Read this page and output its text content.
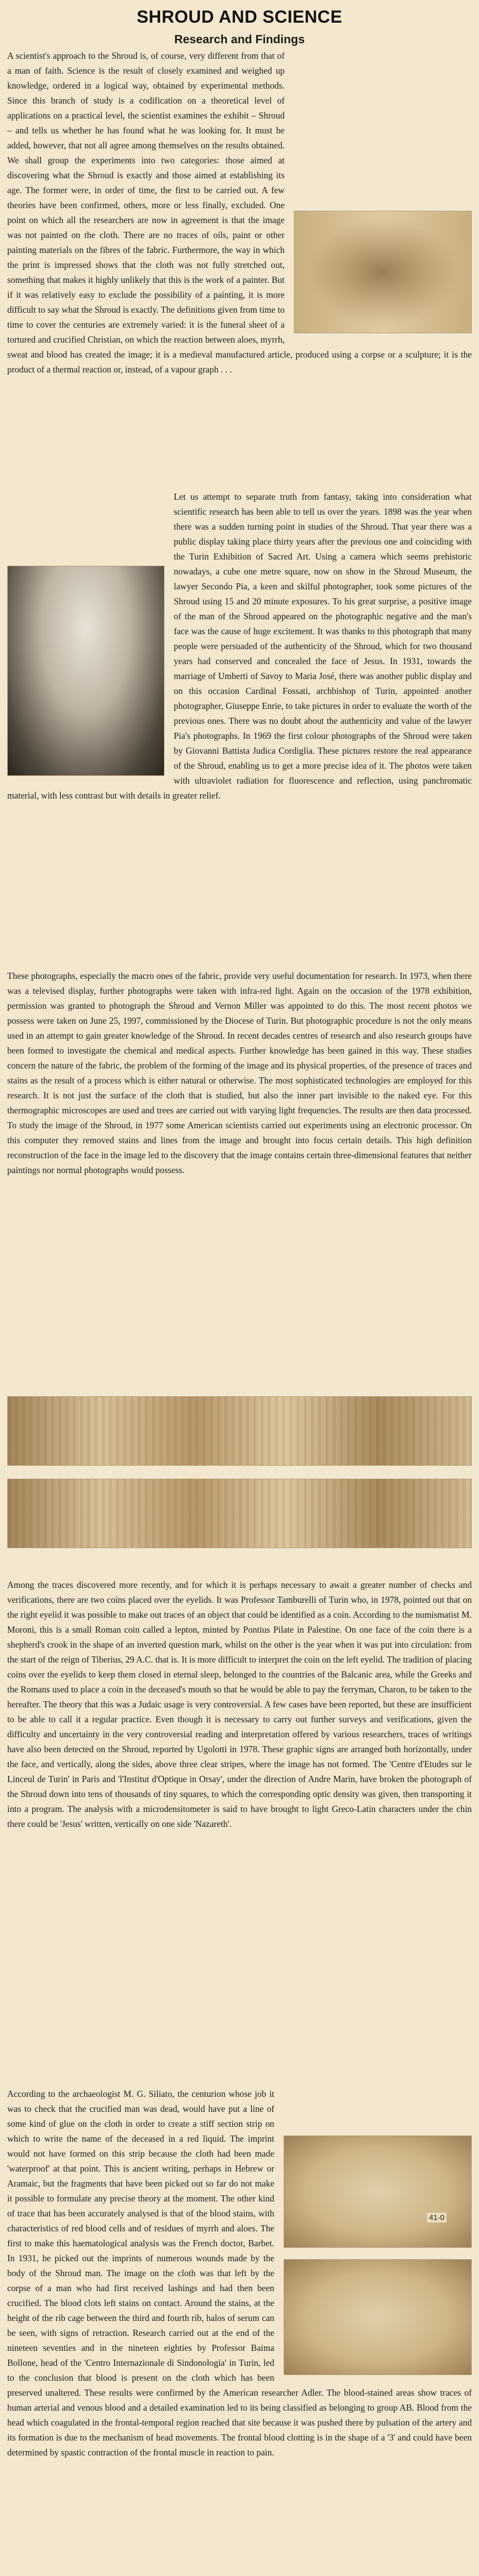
SHROUD AND SCIENCE
Research and Findings

A scientist's approach to the Shroud is, of course, very different from that of a man of faith. Science is the result of closely examined and weighed up knowledge, ordered in a logical way, obtained by experimental methods. Since this branch of study is a codification on a theoretical level of applications on a practical level, the scientist examines the exhibit – Shroud – and tells us whether he has found what he was looking for. It must be added, however, that not all agree among themselves on the results obtained. We shall group the experiments into two categories: those aimed at discovering what the Shroud is exactly and those aimed at establishing its age. The former were, in order of time, the first to be carried out. A few theories have been confirmed, others, more or less finally, excluded. One point on which all the researchers are now in agreement is that the image was not painted on the cloth. There are no traces of oils, paint or other painting materials on the fibres of the fabric. Furthermore, the way in which the print is impressed shows that the cloth was not fully stretched out, something that makes it highly unlikely that this is the work of a painter. But if it was relatively easy to exclude the possibility of a painting, it is more difficult to say what the Shroud is exactly. The definitions given from time to time to cover the centuries are extremely varied: it is the funeral sheet of a tortured and crucified Christian, on which the reaction between aloes, myrrh, sweat and blood has created the image; it is a medieval manufactured article, produced using a corpse or a sculpture; it is the product of a thermal reaction or, instead, of a vapour graph . . .

Let us attempt to separate truth from fantasy, taking into consideration what scientific research has been able to tell us over the years. 1898 was the year when there was a sudden turning point in studies of the Shroud. That year there was a public display taking place thirty years after the previous one and coinciding with the Turin Exhibition of Sacred Art. Using a camera which seems prehistoric nowadays, a cube one metre square, now on show in the Shroud Museum, the lawyer Secondo Pia, a keen and skilful photographer, took some pictures of the Shroud using 15 and 20 minute exposures. To his great surprise, a positive image of the man of the Shroud appeared on the photographic negative and the man's face was the cause of huge excitement. It was thanks to this photograph that many people were persuaded of the authenticity of the Shroud, which for two thousand years had conserved and concealed the face of Jesus. In 1931, towards the marriage of Umberti of Savoy to Maria José, there was another public display and on this occasion Cardinal Fossati, archbishop of Turin, appointed another photographer, Giuseppe Enrie, to take pictures in order to evaluate the worth of the previous ones. There was no doubt about the authenticity and value of the lawyer Pia's photographs. In 1969 the first colour photographs of the Shroud were taken by Giovanni Battista Judica Cordiglia. These pictures restore the real appearance of the Shroud, enabling us to get a more precise idea of it. The photos were taken with ultraviolet radiation for fluorescence and reflection, using panchromatic material, with less contrast but with details in greater relief.

These photographs, especially the macro ones of the fabric, provide very useful documentation for research. In 1973, when there was a televised display, further photographs were taken with infra-red light. Again on the occasion of the 1978 exhibition, permission was granted to photograph the Shroud and Vernon Miller was appointed to do this. The most recent photos we possess were taken on June 25, 1997, commissioned by the Diocese of Turin. But photographic procedure is not the only means used in an attempt to gain greater knowledge of the Shroud. In recent decades centres of research and also research groups have been formed to investigate the chemical and medical aspects. Further knowledge has been gained in this way. These studies concern the nature of the fabric, the problem of the forming of the image and its physical properties, of the presence of traces and stains as the result of a process which is either natural or otherwise. The most sophisticated technologies are employed for this research. It is not just the surface of the cloth that is studied, but also the inner part invisible to the naked eye. For this thermographic microscopes are used and trees are carried out with varying light frequencies. The results are then data processed. To study the image of the Shroud, in 1977 some American scientists carried out experiments using an electronic processor. On this computer they removed stains and lines from the image and brought into focus certain details. This high definition reconstruction of the face in the image led to the discovery that the image contains certain three-dimensional features that neither paintings nor normal photographs would possess.

Among the traces discovered more recently, and for which it is perhaps necessary to await a greater number of checks and verifications, there are two coins placed over the eyelids. It was Professor Tamburelli of Turin who, in 1978, pointed out that on the right eyelid it was possible to make out traces of an object that could be identified as a coin. According to the numismatist M. Moroni, this is a small Roman coin called a lepton, minted by Pontius Pilate in Palestine. On one face of the coin there is a shepherd's crook in the shape of an inverted question mark, whilst on the other is the year when it was put into circulation: from the start of the reign of Tiberius, 29 A.C. that is. It is more difficult to interpret the coin on the left eyelid. The tradition of placing coins over the eyelids to keep them closed in eternal sleep, belonged to the countries of the Balcanic area, while the Greeks and the Romans used to place a coin in the deceased's mouth so that he would be able to pay the ferryman, Charon, to be taken to the hereafter. The theory that this was a Judaic usage is very controversial. A few cases have been reported, but these are insufficient to be able to call it a regular practice. Even though it is necessary to carry out further surveys and verifications, given the difficulty and uncertainty in the very controversial reading and interpretation offered by various researchers, traces of writings have also been detected on the Shroud, reported by Ugolotti in 1978. These graphic signs are arranged both horizontally, under the face, and vertically, along the sides, above three clear stripes, where the image has not formed. The 'Centre d'Etudes sur le Linceul de Turin' in Paris and 'l'Institut d'Optique in Orsay', under the direction of Andre Marin, have broken the photograph of the Shroud down into tens of thousands of tiny squares, to which the corresponding optic density was given, then transporting it into a program. The analysis with a microdensitometer is said to have brought to light Greco-Latin characters under the chin there could be 'Jesus' written, vertically on one side 'Nazareth'.

41-0

According to the archaeologist M. G. Siliato, the centurion whose job it was to check that the crucified man was dead, would have put a line of some kind of glue on the cloth in order to create a stiff section strip on which to write the name of the deceased in a red liquid. The imprint would not have formed on this strip because the cloth had been made 'waterproof' at that point. This is ancient writing, perhaps in Hebrew or Aramaic, but the fragments that have been picked out so far do not make it possible to formulate any precise theory at the moment. The other kind of trace that has been accurately analysed is that of the blood stains, with characteristics of red blood cells and of residues of myrrh and aloes. The first to make this haematological analysis was the French doctor, Barbet. In 1931, he picked out the imprints of numerous wounds made by the body of the Shroud man. The image on the cloth was that left by the corpse of a man who had first received lashings and had then been crucified. The blood clots left stains on contact. Around the stains, at the height of the rib cage between the third and fourth rib, halos of serum can be seen, with signs of retraction. Research carried out at the end of the nineteen seventies and in the nineteen eighties by Professor Baima Bollone, head of the 'Centro Internazionale di Sindonologia' in Turin, led to the conclusion that blood is present on the cloth which has been preserved unaltered. These results were confirmed by the American researcher Adler. The blood-stained areas show traces of human arterial and venous blood and a detailed examination led to its being classified as belonging to group AB. Blood from the head which coagulated in the frontal-temporal region reached that site because it was pushed there by pulsation of the artery and its formation is due to the mechanism of head movements. The frontal blood clotting is in the shape of a '3' and could have been determined by spastic contraction of the frontal muscle in reaction to pain.
